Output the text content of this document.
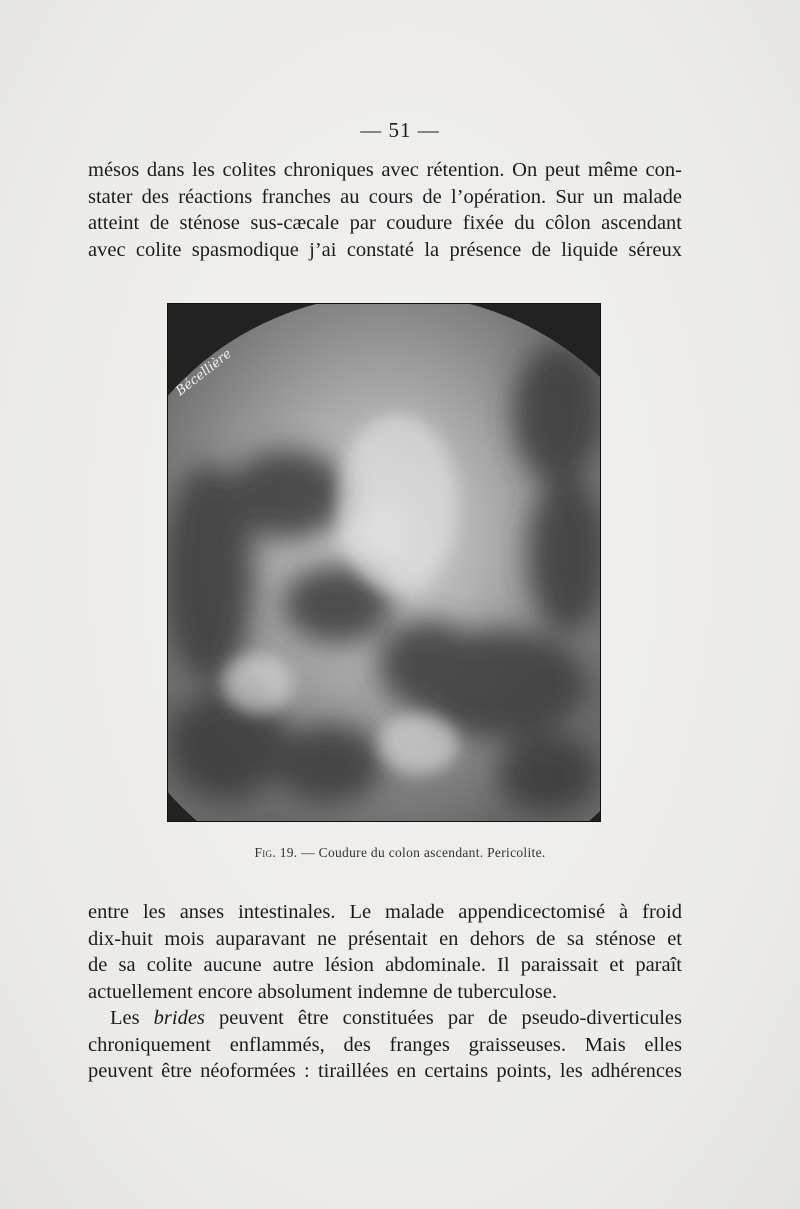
— 51 —
mésos dans les colites chroniques avec rétention. On peut même con-
stater des réactions franches au cours de l’opération. Sur un malade
atteint de sténose sus-cæcale par coudure fixée du côlon ascendant
avec colite spasmodique j’ai constaté la présence de liquide séreux
Bécellière
Fig. 19. — Coudure du colon ascendant. Pericolite.
entre les anses intestinales. Le malade appendicectomisé à froid
dix-huit mois auparavant ne présentait en dehors de sa sténose et
de sa colite aucune autre lésion abdominale. Il paraissait et paraît
actuellement encore absolument indemne de tuberculose.
Les brides peuvent être constituées par de pseudo-diverticules
chroniquement enflammés, des franges graisseuses. Mais elles
peuvent être néoformées : tiraillées en certains points, les adhérences
